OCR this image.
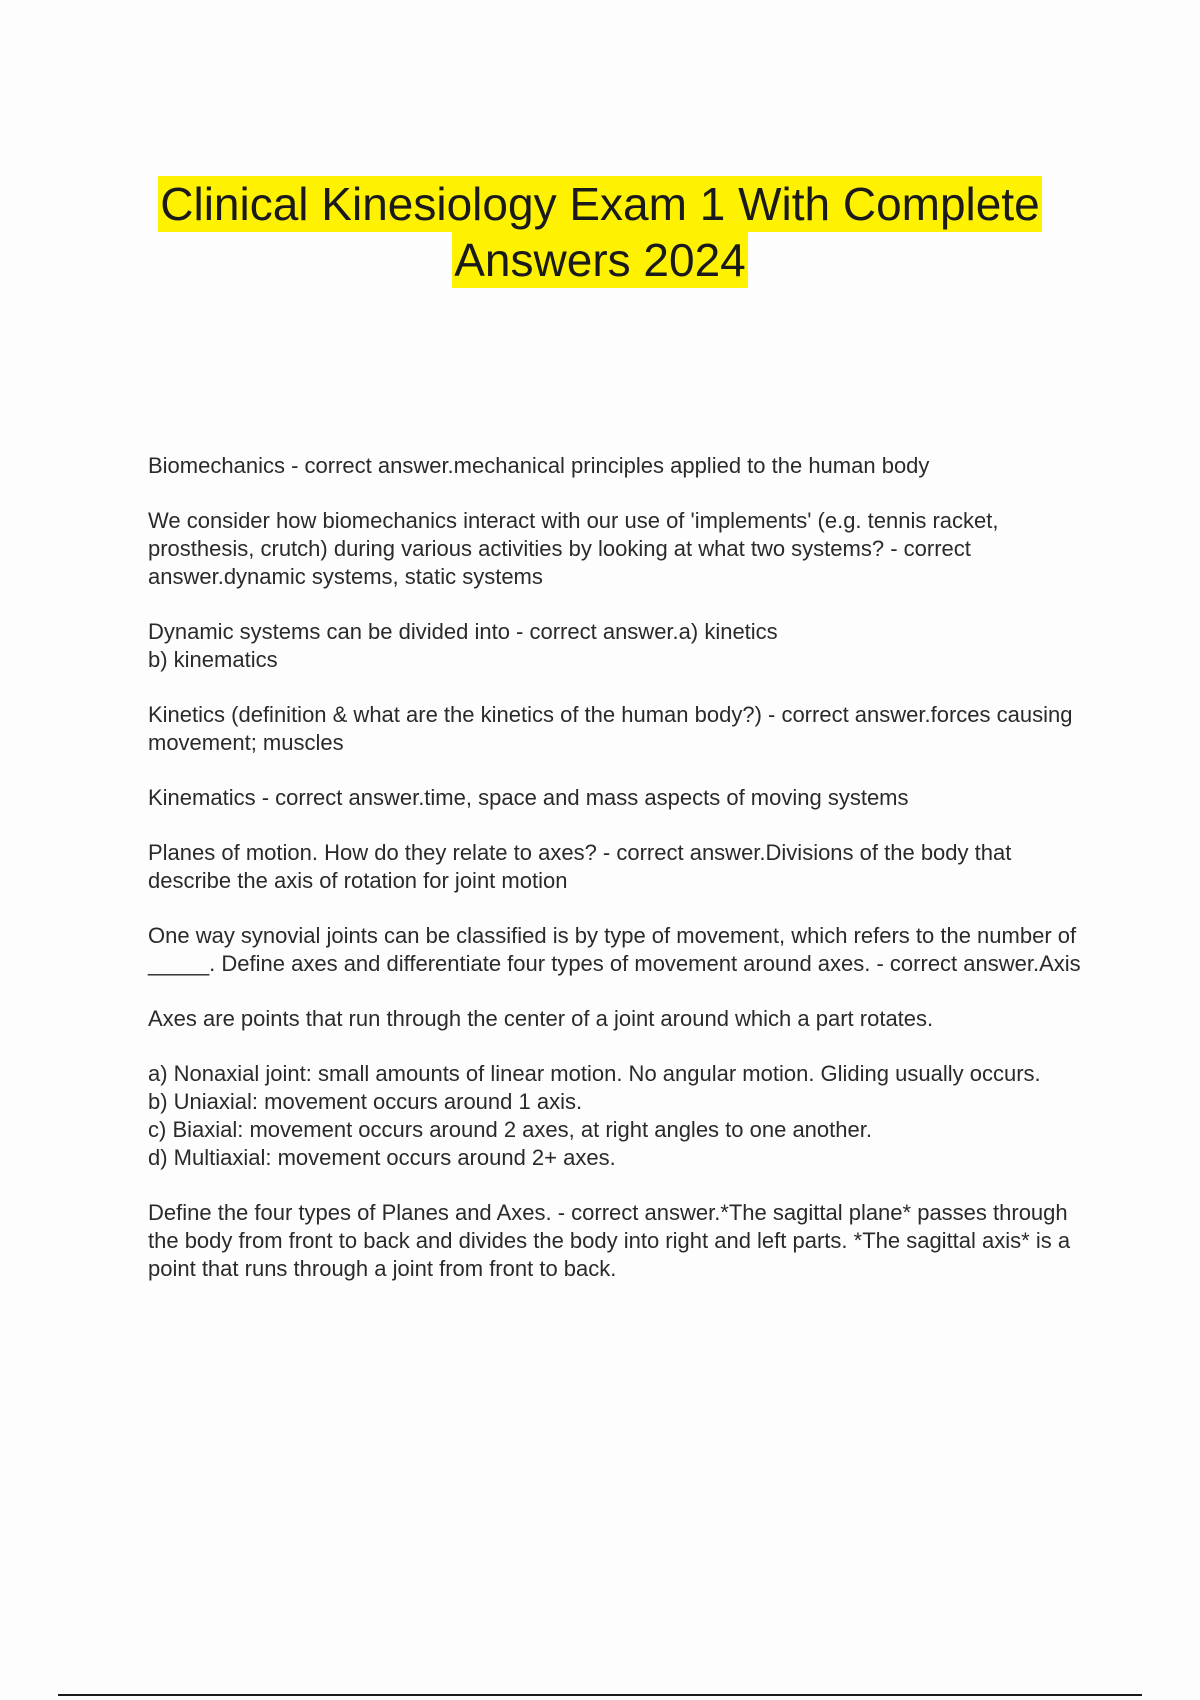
Clinical Kinesiology Exam 1 With Complete
Answers 2024

Biomechanics - correct answer.mechanical principles applied to the human body

We consider how biomechanics interact with our use of 'implements' (e.g. tennis racket, prosthesis, crutch) during various activities by looking at what two systems? - correct answer.dynamic systems, static systems

Dynamic systems can be divided into - correct answer.a) kinetics

b) kinematics

Kinetics (definition & what are the kinetics of the human body?) - correct answer.forces causing movement; muscles

Kinematics - correct answer.time, space and mass aspects of moving systems

Planes of motion. How do they relate to axes? - correct answer.Divisions of the body that describe the axis of rotation for joint motion

One way synovial joints can be classified is by type of movement, which refers to the number of _____. Define axes and differentiate four types of movement around axes. - correct answer.Axis

Axes are points that run through the center of a joint around which a part rotates.

a) Nonaxial joint: small amounts of linear motion. No angular motion. Gliding usually occurs.

b) Uniaxial: movement occurs around 1 axis.

c) Biaxial: movement occurs around 2 axes, at right angles to one another.

d) Multiaxial: movement occurs around 2+ axes.

Define the four types of Planes and Axes. - correct answer.*The sagittal plane* passes through the body from front to back and divides the body into right and left parts. *The sagittal axis* is a point that runs through a joint from front to back.
